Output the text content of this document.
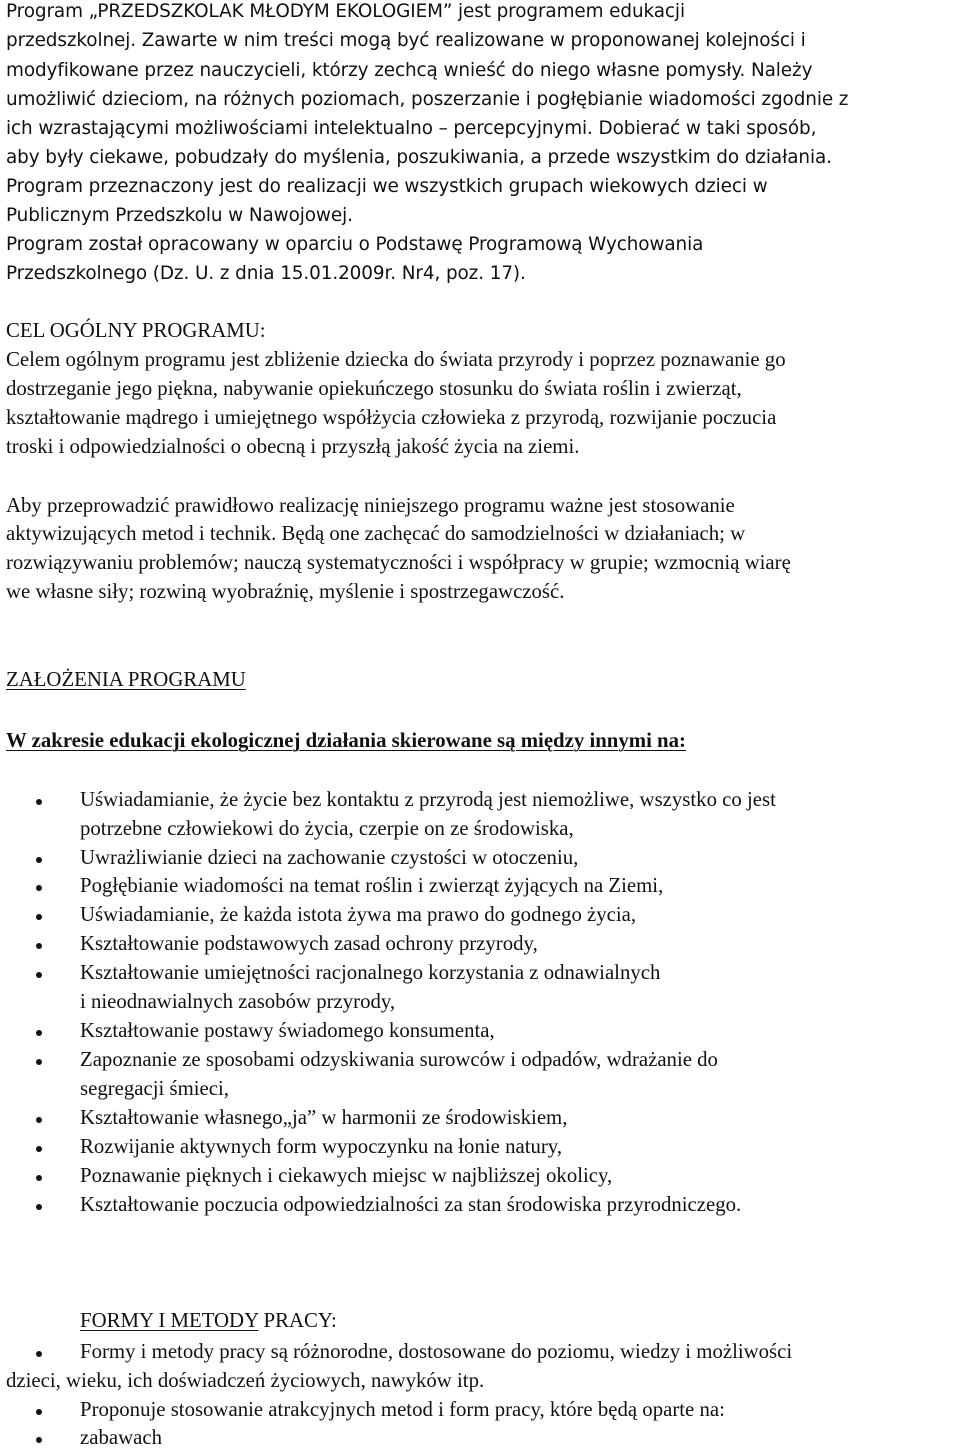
Program „PRZEDSZKOLAK MŁODYM EKOLOGIEM” jest programem edukacji
przedszkolnej. Zawarte w nim treści mogą być realizowane w proponowanej kolejności i
modyfikowane przez nauczycieli, którzy zechcą wnieść do niego własne pomysły. Należy
umożliwić dzieciom, na różnych poziomach, poszerzanie i pogłębianie wiadomości zgodnie z
ich wzrastającymi możliwościami intelektualno – percepcyjnymi. Dobierać w taki sposób,
aby były ciekawe, pobudzały do myślenia, poszukiwania, a przede wszystkim do działania.
Program przeznaczony jest do realizacji we wszystkich grupach wiekowych dzieci w
Publicznym Przedszkolu w Nawojowej.
Program został opracowany w oparciu o Podstawę Programową Wychowania
Przedszkolnego (Dz. U. z dnia 15.01.2009r. Nr4, poz. 17).
CEL OGÓLNY PROGRAMU:
Celem ogólnym programu jest zbliżenie dziecka do świata przyrody i poprzez poznawanie go
dostrzeganie jego piękna, nabywanie opiekuńczego stosunku do świata roślin i zwierząt,
kształtowanie mądrego i umiejętnego współżycia człowieka z przyrodą, rozwijanie poczucia
troski i odpowiedzialności o obecną i przyszłą jakość życia na ziemi.
Aby przeprowadzić prawidłowo realizację niniejszego programu ważne jest stosowanie
aktywizujących metod i technik. Będą one zachęcać do samodzielności w działaniach; w
rozwiązywaniu problemów; nauczą systematyczności i współpracy w grupie; wzmocnią wiarę
we własne siły; rozwiną wyobraźnię, myślenie i spostrzegawczość.
ZAŁOŻENIA PROGRAMU
W zakresie edukacji ekologicznej działania skierowane są między innymi na:
Uświadamianie, że życie bez kontaktu z przyrodą jest niemożliwe, wszystko co jest
potrzebne człowiekowi do życia, czerpie on ze środowiska,
Uwrażliwianie dzieci na zachowanie czystości w otoczeniu,
Pogłębianie wiadomości na temat roślin i zwierząt żyjących na Ziemi,
Uświadamianie, że każda istota żywa ma prawo do godnego życia,
Kształtowanie podstawowych zasad ochrony przyrody,
Kształtowanie umiejętności racjonalnego korzystania z odnawialnych
i nieodnawialnych zasobów przyrody,
Kształtowanie postawy świadomego konsumenta,
Zapoznanie ze sposobami odzyskiwania surowców i odpadów, wdrażanie do
segregacji śmieci,
Kształtowanie własnego„ja” w harmonii ze środowiskiem,
Rozwijanie aktywnych form wypoczynku na łonie natury,
Poznawanie pięknych i ciekawych miejsc w najbliższej okolicy,
Kształtowanie poczucia odpowiedzialności za stan środowiska przyrodniczego.
FORMY I METODY PRACY:
Formy i metody pracy są różnorodne, dostosowane do poziomu, wiedzy i możliwości
dzieci, wieku, ich doświadczeń życiowych, nawyków itp.
Proponuje stosowanie atrakcyjnych metod i form pracy, które będą oparte na:
zabawach
